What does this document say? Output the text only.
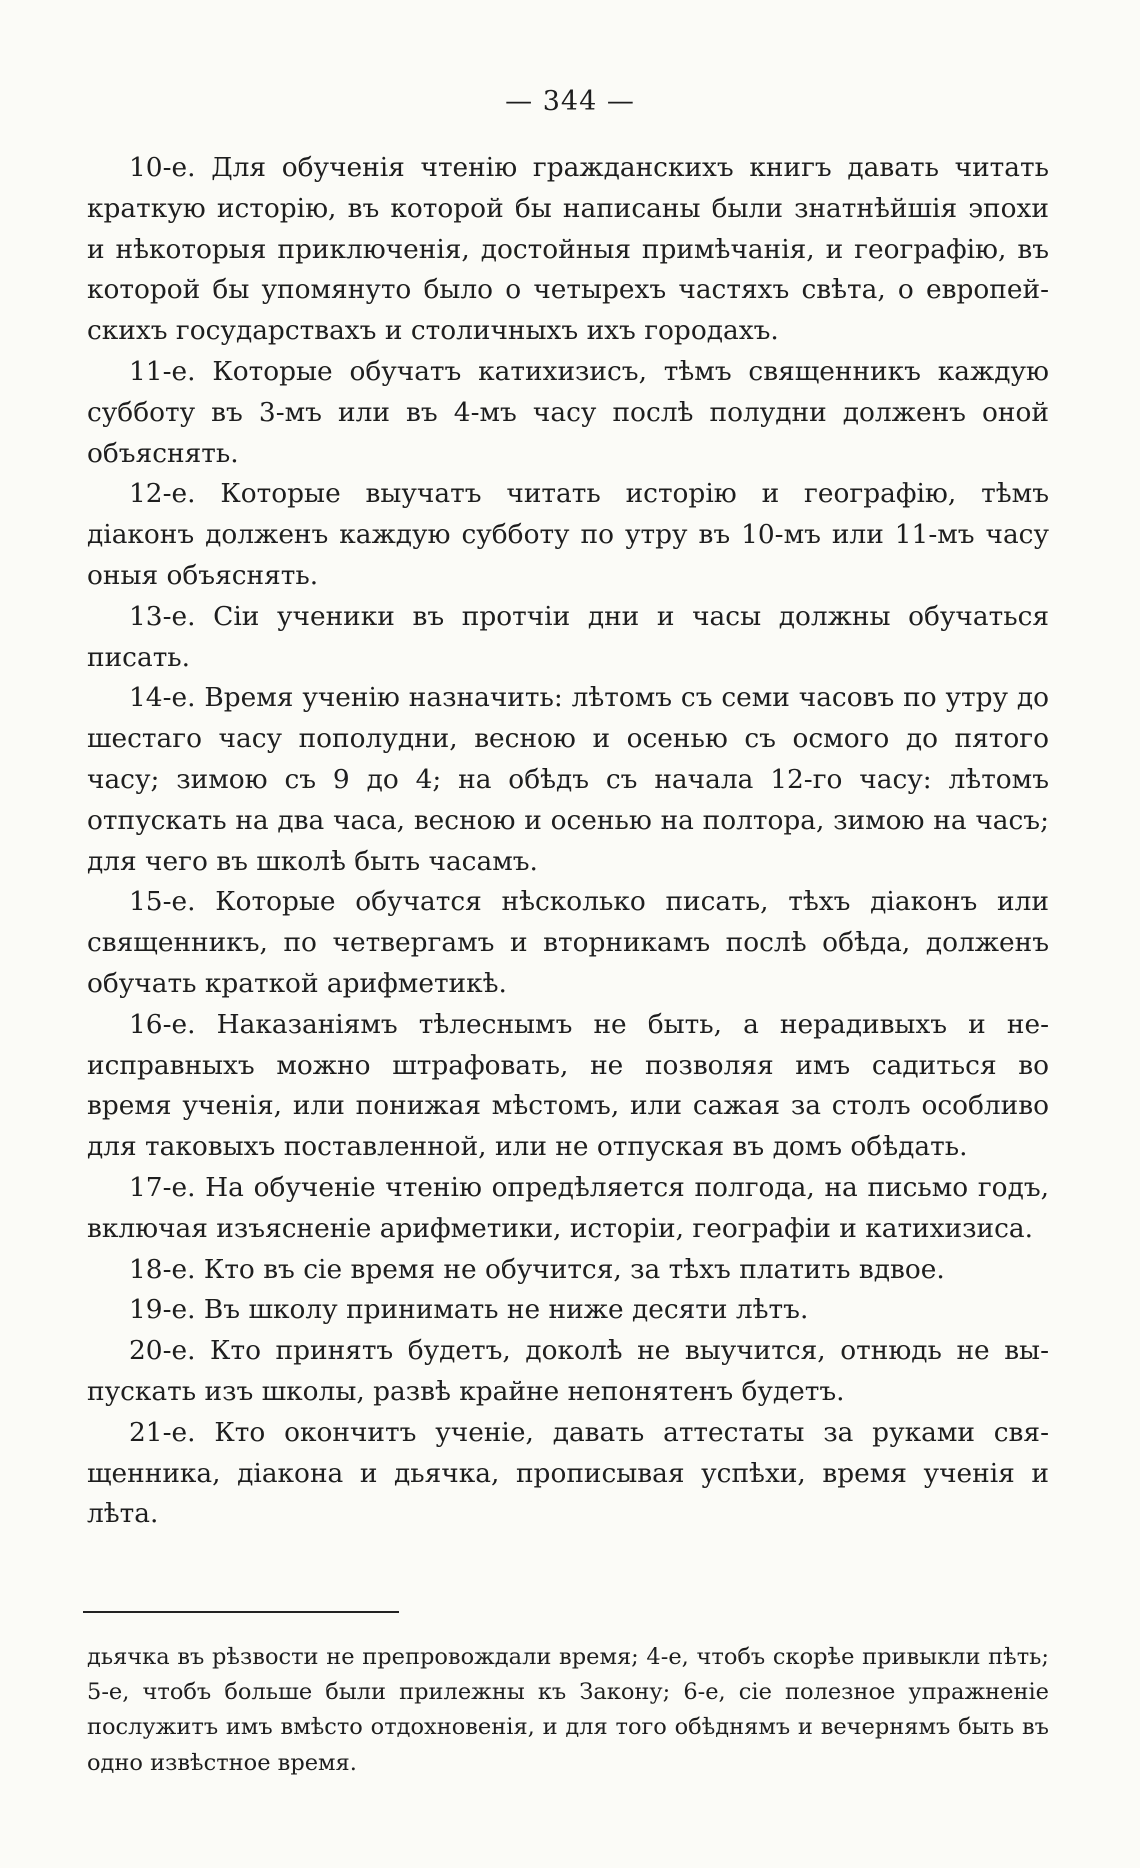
— 344 —

10-е. Для обученія чтенію гражданскихъ книгъ давать читать краткую исторію, въ которой бы написаны были знатнѣйшія эпохи и нѣкоторыя приключенія, достойныя примѣчанія, и географію, въ которой бы упомянуто было о четырехъ частяхъ свѣта, о европейскихъ государствахъ и столичныхъ ихъ городахъ.

11-е. Которые обучатъ катихизисъ, тѣмъ священникъ каждую субботу въ 3-мъ или въ 4-мъ часу послѣ полудни долженъ оной объяснять.

12-е. Которые выучатъ читать исторію и географію, тѣмъ діаконъ долженъ каждую субботу по утру въ 10-мъ или 11-мъ часу оныя объяснять.

13-е. Сіи ученики въ протчіи дни и часы должны обучаться писать.

14-е. Время ученію назначить: лѣтомъ съ семи часовъ по утру до шестаго часу пополудни, весною и осенью съ осмого до пятого часу; зимою съ 9 до 4; на обѣдъ съ начала 12-го часу: лѣтомъ отпускать на два часа, весною и осенью на полтора, зимою на часъ; для чего въ школѣ быть часамъ.

15-е. Которые обучатся нѣсколько писать, тѣхъ діаконъ или священникъ, по четвергамъ и вторникамъ послѣ обѣда, долженъ обучать краткой арифметикѣ.

16-е. Наказаніямъ тѣлеснымъ не быть, а нерадивыхъ и неисправныхъ можно штрафовать, не позволяя имъ садиться во время ученія, или понижая мѣстомъ, или сажая за столъ особливо для таковыхъ поставленной, или не отпуская въ домъ обѣдать.

17-е. На обученіе чтенію опредѣляется полгода, на письмо годъ, включая изъясненіе арифметики, исторіи, географіи и катихизиса.

18-е. Кто въ сіе время не обучится, за тѣхъ платить вдвое.

19-е. Въ школу принимать не ниже десяти лѣтъ.

20-е. Кто принятъ будетъ, доколѣ не выучится, отнюдь не выпускать изъ школы, развѣ крайне непонятенъ будетъ.

21-е. Кто окончитъ ученіе, давать аттестаты за руками священника, діакона и дьячка, прописывая успѣхи, время ученія и лѣта.

дьячка въ рѣзвости не препровождали время; 4-е, чтобъ скорѣе привыкли пѣть; 5-е, чтобъ больше были прилежны къ Закону; 6-е, сіе полезное упражненіе послужитъ имъ вмѣсто отдохновенія, и для того обѣднямъ и вечернямъ быть въ одно извѣстное время.
